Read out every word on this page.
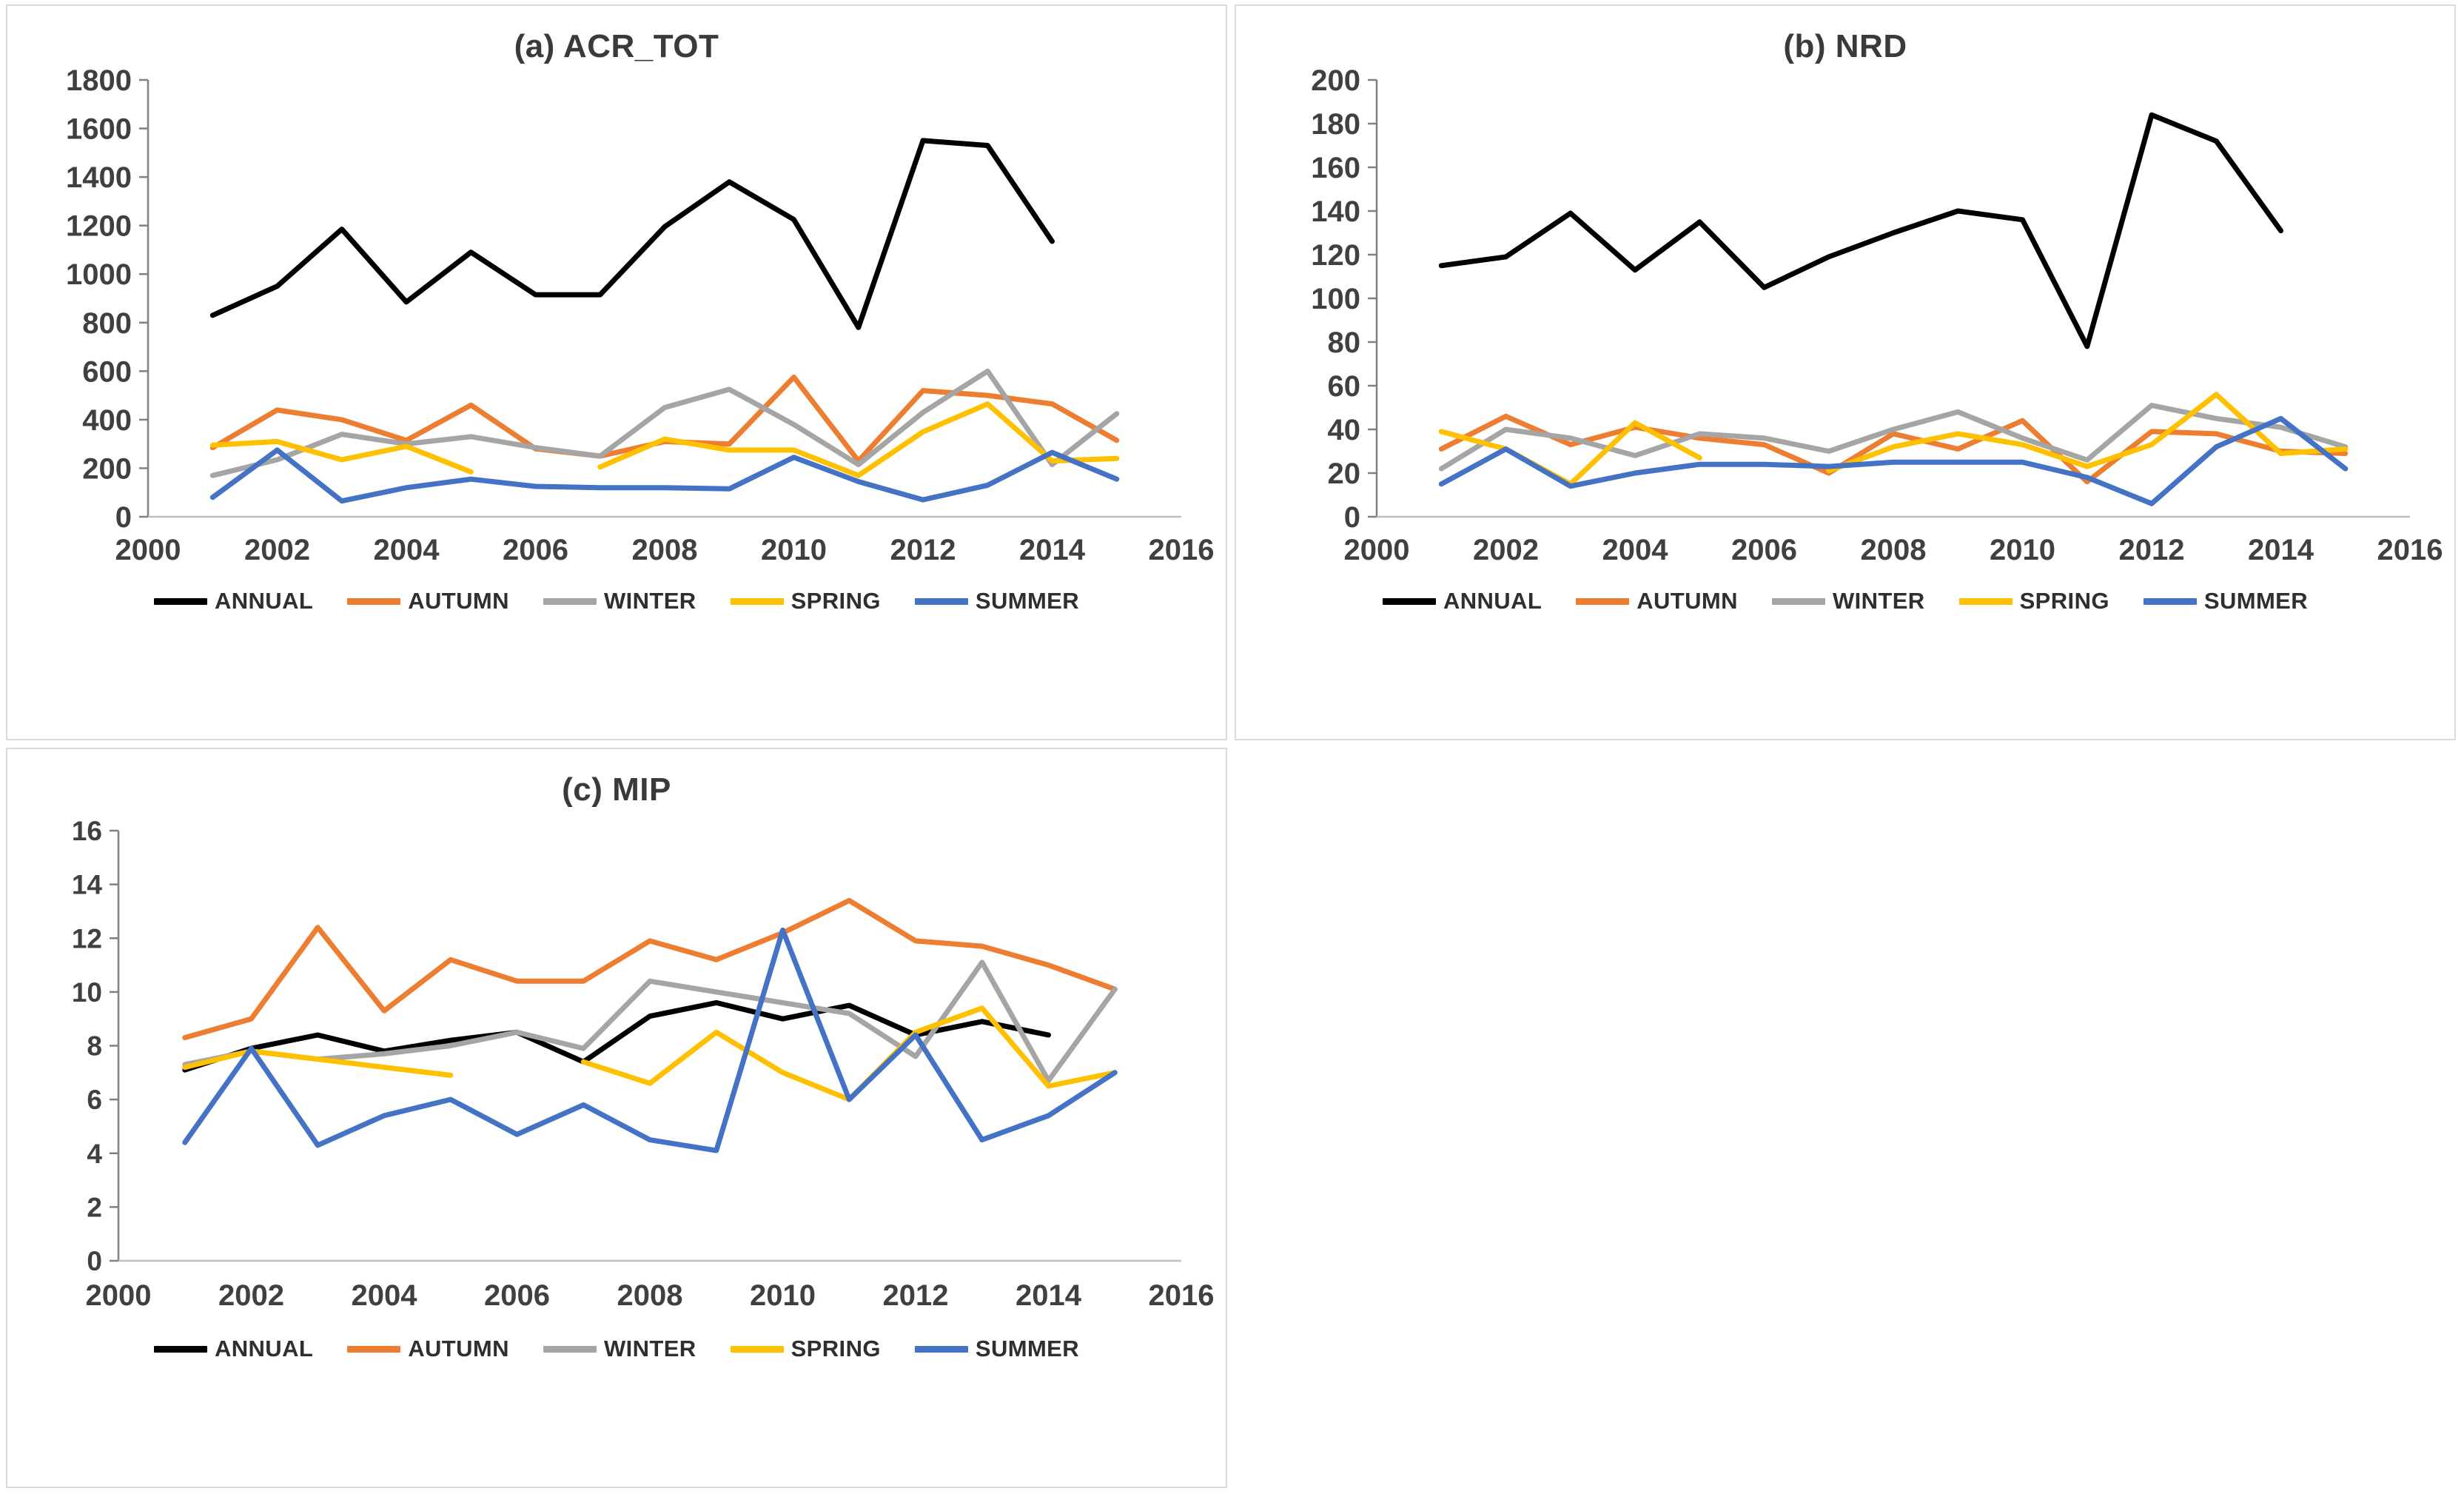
(a) ACR_TOT
0
200
400
600
800
1000
1200
1400
1600
1800
2000 2002 2004 2006 2008 2010 2012 2014 2016
ANNUAL	AUTUMN	WINTER	SPRING	SUMMER
(b) NRD
0
20
40
60
80
100
120
140
160
180
200
2000 2002 2004 2006 2008 2010 2012 2014 2016
ANNUAL	AUTUMN	WINTER	SPRING	SUMMER
(c) MIP
0
2
4
6
8
10
12
14
16
2000 2002 2004 2006 2008 2010 2012 2014 2016
ANNUAL	AUTUMN	WINTER	SPRING	SUMMER
